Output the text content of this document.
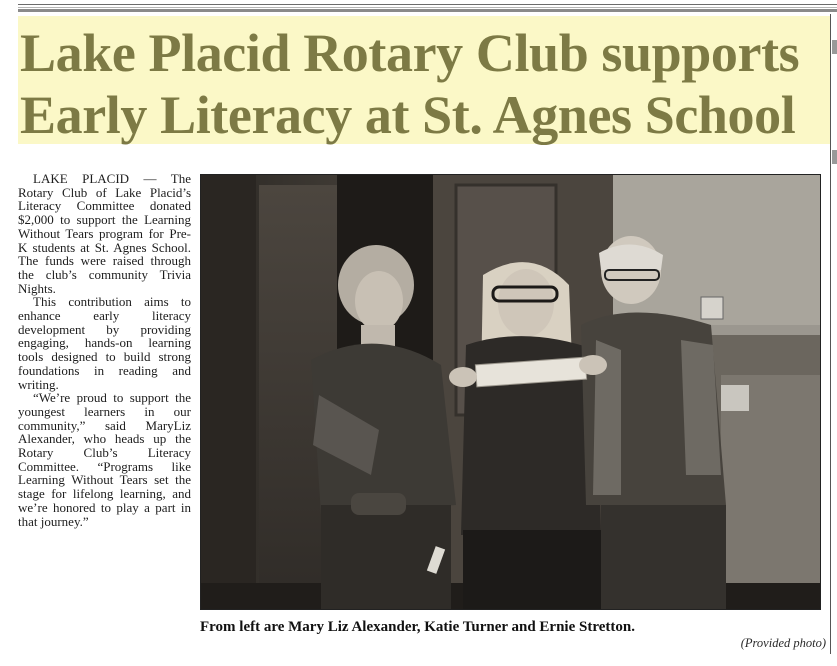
Lake Placid Rotary Club supports
Early Literacy at St. Agnes School

LAKE PLACID — The Rotary Club of Lake Placid’s Literacy Committee donated $2,000 to support the Learning Without Tears program for Pre-K students at St. Agnes School. The funds were raised through the club’s community Trivia Nights.

This contribution aims to enhance early literacy development by providing engaging, hands-on learning tools designed to build strong foundations in reading and writing.

“We’re proud to support the youngest learners in our community,” said MaryLiz Alexander, who heads up the Rotary Club’s Literacy Committee. “Programs like Learning Without Tears set the stage for lifelong learning, and we’re honored to play a part in that journey.”

From left are Mary Liz Alexander, Katie Turner and Ernie Stretton.
(Provided photo)
